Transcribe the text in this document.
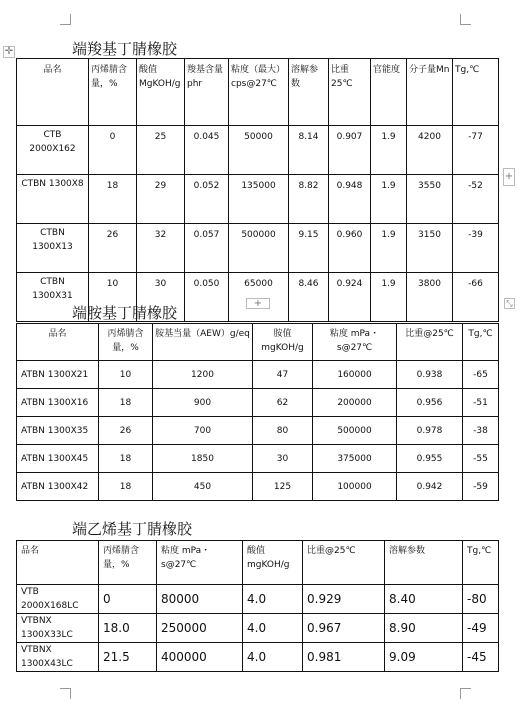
✛	端羧基丁腈橡胶
品名	丙烯腈含量，%	酸值MgKOH/g	羧基含量phr	粘度（最大）cps@27℃	溶解参数	比重25℃	官能度	分子量Mn	Tg,℃
CTB 2000X162	0	25	0.045	50000	8.14	0.907	1.9	4200	-77
CTBN 1300X8	18	29	0.052	135000	8.82	0.948	1.9	3550	-52
CTBN 1300X13	26	32	0.057	500000	9.15	0.960	1.9	3150	-39
CTBN 1300X31	10	30	0.050	65000	8.46	0.924	1.9	3800	-66
+
+	⤡
端胺基丁腈橡胶
品名	丙烯腈含量，%	胺基当量（AEW）g/eq	胺值mgKOH/g	粘度 mPa・s@27℃	比重@25℃	Tg,℃
ATBN 1300X21	10	1200	47	160000	0.938	-65
ATBN 1300X16	18	900	62	200000	0.956	-51
ATBN 1300X35	26	700	80	500000	0.978	-38
ATBN 1300X45	18	1850	30	375000	0.955	-55
ATBN 1300X42	18	450	125	100000	0.942	-59
端乙烯基丁腈橡胶
品名	丙烯腈含量，%	粘度 mPa・s@27℃	酸值mgKOH/g	比重@25℃	溶解参数	Tg,℃
VTB 2000X168LC	0	80000	4.0	0.929	8.40	-80
VTBNX 1300X33LC	18.0	250000	4.0	0.967	8.90	-49
VTBNX 1300X43LC	21.5	400000	4.0	0.981	9.09	-45
